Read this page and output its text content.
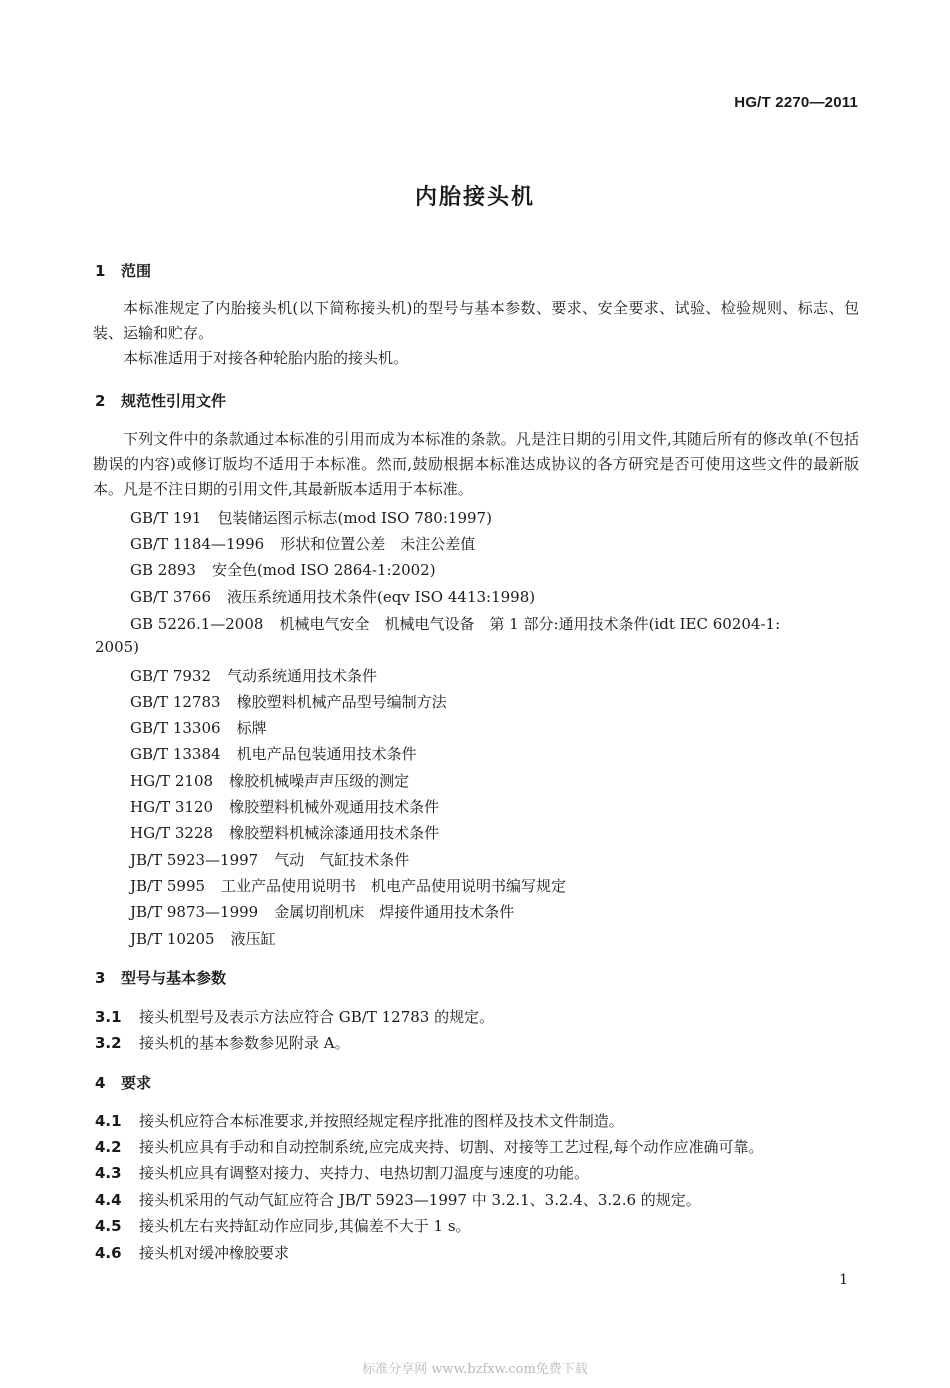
HG/T 2270—2011
内胎接头机
1 范围
本标准规定了内胎接头机(以下简称接头机)的型号与基本参数、要求、安全要求、试验、检验规则、标志、包装、运输和贮存。
本标准适用于对接各种轮胎内胎的接头机。
2 规范性引用文件
下列文件中的条款通过本标准的引用而成为本标准的条款。凡是注日期的引用文件,其随后所有的修改单(不包括勘误的内容)或修订版均不适用于本标准。然而,鼓励根据本标准达成协议的各方研究是否可使用这些文件的最新版本。凡是不注日期的引用文件,其最新版本适用于本标准。
GB/T 191 包装储运图示标志(mod ISO 780:1997)
GB/T 1184—1996 形状和位置公差　未注公差值
GB 2893 安全色(mod ISO 2864-1:2002)
GB/T 3766 液压系统通用技术条件(eqv ISO 4413:1998)
GB 5226.1—2008 机械电气安全　机械电气设备　第 1 部分:通用技术条件(idt IEC 60204-1:
2005)
GB/T 7932 气动系统通用技术条件
GB/T 12783 橡胶塑料机械产品型号编制方法
GB/T 13306 标牌
GB/T 13384 机电产品包装通用技术条件
HG/T 2108 橡胶机械噪声声压级的测定
HG/T 3120 橡胶塑料机械外观通用技术条件
HG/T 3228 橡胶塑料机械涂漆通用技术条件
JB/T 5923—1997 气动　气缸技术条件
JB/T 5995 工业产品使用说明书　机电产品使用说明书编写规定
JB/T 9873—1999 金属切削机床　焊接件通用技术条件
JB/T 10205 液压缸
3 型号与基本参数
3.1 接头机型号及表示方法应符合 GB/T 12783 的规定。
3.2 接头机的基本参数参见附录 A。
4 要求
4.1 接头机应符合本标准要求,并按照经规定程序批准的图样及技术文件制造。
4.2 接头机应具有手动和自动控制系统,应完成夹持、切割、对接等工艺过程,每个动作应准确可靠。
4.3 接头机应具有调整对接力、夹持力、电热切割刀温度与速度的功能。
4.4 接头机采用的气动气缸应符合 JB/T 5923—1997 中 3.2.1、3.2.4、3.2.6 的规定。
4.5 接头机左右夹持缸动作应同步,其偏差不大于 1 s。
4.6 接头机对缓冲橡胶要求
1
标准分享网 www.bzfxw.com免费下载
